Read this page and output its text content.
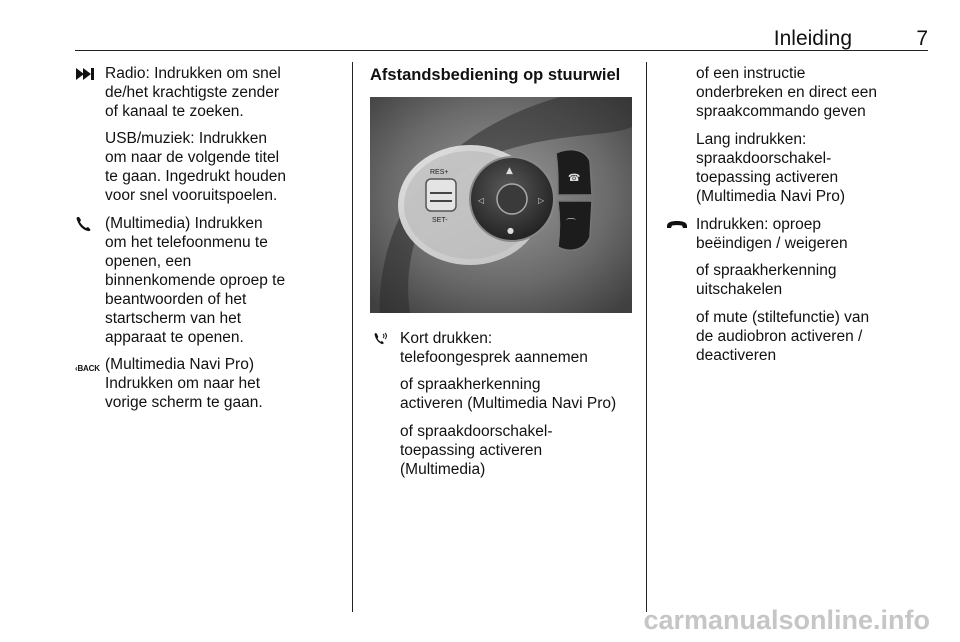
Inleiding	7
Radio: Indrukken om snel
de/het krachtigste zender
of kanaal te zoeken.
USB/muziek: Indrukken
om naar de volgende titel
te gaan. Ingedrukt houden
voor snel vooruitspoelen.
(Multimedia) Indrukken
om het telefoonmenu te
openen, een
binnenkomende oproep te
beantwoorden of het
startscherm van het
apparaat te openen.
‹BACK (Multimedia Navi Pro)
Indrukken om naar het
vorige scherm te gaan.
Afstandsbediening op stuurwiel
RES+
SET-
▲
◁	▷
●
☎
⌒
Kort drukken:
telefoongesprek aannemen
of spraakherkenning
activeren (Multimedia Navi Pro)
of spraakdoorschakel-
toepassing activeren
(Multimedia)
of een instructie
onderbreken en direct een
spraakcommando geven
Lang indrukken:
spraakdoorschakel-
toepassing activeren
(Multimedia Navi Pro)
Indrukken: oproep
beëindigen / weigeren
of spraakherkenning
uitschakelen
of mute (stiltefunctie) van
de audiobron activeren /
deactiveren
carmanualsonline.info
